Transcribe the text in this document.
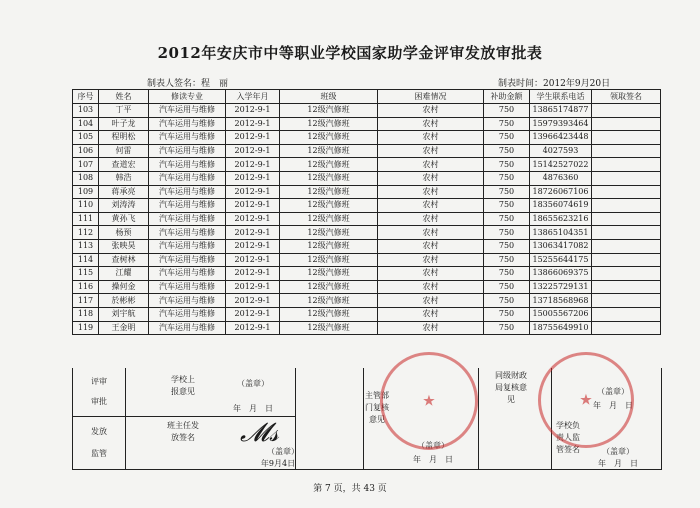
2012年安庆市中等职业学校国家助学金评审发放审批表
制表人签名：程　丽	制表时间：2012年9月20日
序号	姓名	修读专业	入学年月	班级	困难情况	补助金额	学生联系电话	领取签名
103	丁平	汽车运用与维修	2012-9-1	12级汽修班	农村	750	13865174877	
104	叶子龙	汽车运用与维修	2012-9-1	12级汽修班	农村	750	15979393464	
105	程明松	汽车运用与维修	2012-9-1	12级汽修班	农村	750	13966423448	
106	何雷	汽车运用与维修	2012-9-1	12级汽修班	农村	750	4027593	
107	查道宏	汽车运用与维修	2012-9-1	12级汽修班	农村	750	15142527022	
108	韩浩	汽车运用与维修	2012-9-1	12级汽修班	农村	750	4876360	
109	蒋承亮	汽车运用与维修	2012-9-1	12级汽修班	农村	750	18726067106	
110	刘涛涛	汽车运用与维修	2012-9-1	12级汽修班	农村	750	18356074619	
111	黄孙飞	汽车运用与维修	2012-9-1	12级汽修班	农村	750	18655623216	
112	杨预	汽车运用与维修	2012-9-1	12级汽修班	农村	750	13865104351	
113	张映昊	汽车运用与维修	2012-9-1	12级汽修班	农村	750	13063417082	
114	查树林	汽车运用与维修	2012-9-1	12级汽修班	农村	750	15255644175	
115	江耀	汽车运用与维修	2012-9-1	12级汽修班	农村	750	13866069375	
116	操何金	汽车运用与维修	2012-9-1	12级汽修班	农村	750	13225729131	
117	於彬彬	汽车运用与维修	2012-9-1	12级汽修班	农村	750	13718568968	
118	刘宇航	汽车运用与维修	2012-9-1	12级汽修班	农村	750	15005567206	
119	王金明	汽车运用与维修	2012-9-1	12级汽修班	农村	750	18755649910	
评审
审批
学校上报意见
（盖章）
年　月　日
主管部门复核意见
（盖章）
年　月　日
同级财政局复核意见
（盖章）
年　月　日
发放
监管
班主任发放签名
（盖章）
年9月4日
学校负责人监管签名	（盖章）
年　月　日
★	★
𝓜𝓈
第 7 页，共 43 页
